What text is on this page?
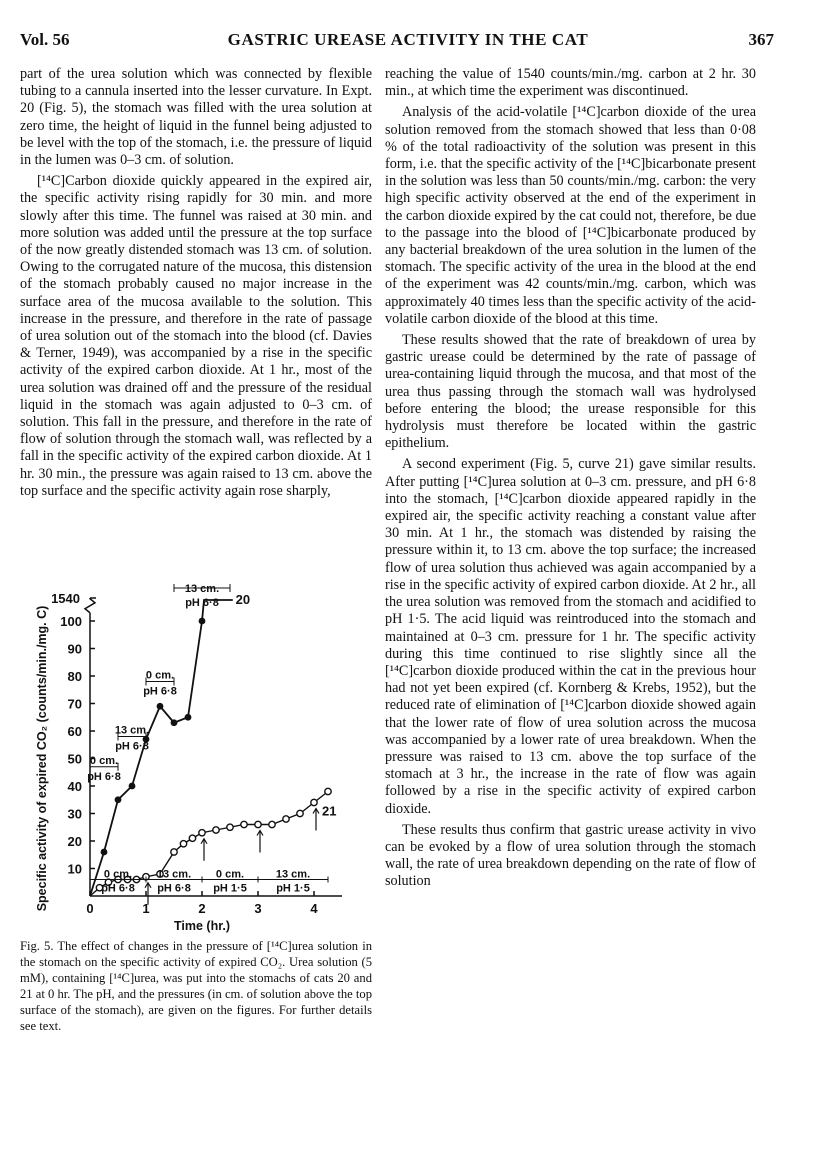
Vol. 56	GASTRIC UREASE ACTIVITY IN THE CAT	367

part of the urea solution which was connected by flexible tubing to a cannula inserted into the lesser curvature. In Expt. 20 (Fig. 5), the stomach was filled with the urea solution at zero time, the height of liquid in the funnel being adjusted to be level with the top of the stomach, i.e. the pressure of liquid in the lumen was 0–3 cm. of solution.

[¹⁴C]Carbon dioxide quickly appeared in the expired air, the specific activity rising rapidly for 30 min. and more slowly after this time. The funnel was raised at 30 min. and more solution was added until the pressure at the top surface of the now greatly distended stomach was 13 cm. of solution. Owing to the corrugated nature of the mucosa, this distension of the stomach probably caused no major increase in the surface area of the mucosa available to the solution. This increase in the pressure, and therefore in the rate of passage of urea solution out of the stomach into the blood (cf. Davies & Terner, 1949), was accompanied by a rise in the specific activity of the expired carbon dioxide. At 1 hr., most of the urea solution was drained off and the pressure of the residual liquid in the stomach was again adjusted to 0–3 cm. of solution. This fall in the pressure, and therefore in the rate of flow of solution through the stomach wall, was reflected by a fall in the specific activity of the expired carbon dioxide. At 1 hr. 30 min., the pressure was again raised to 13 cm. above the top surface and the specific activity again rose sharply,

1540
10
20
30
40
50
60
70
80
90
100
0	1	2	3	4
Time (hr.)
Specific activity of expired CO₂ (counts/min./mg. C)
20
21
0 cm.
pH 6·8
13 cm.
pH 6·8
0 cm.
pH 6·8
13 cm.
pH 6·8
0 cm.
pH 6·8
13 cm.
pH 6·8
0 cm.
pH 1·5
13 cm.
pH 1·5

Fig. 5. The effect of changes in the pressure of [¹⁴C]urea solution in the stomach on the specific activity of expired CO₂. Urea solution (5 mM), containing [¹⁴C]urea, was put into the stomachs of cats 20 and 21 at 0 hr. The pH, and the pressures (in cm. of solution above the top surface of the stomach), are given on the figures. For further details see text.

reaching the value of 1540 counts/min./mg. carbon at 2 hr. 30 min., at which time the experiment was discontinued.

Analysis of the acid-volatile [¹⁴C]carbon dioxide of the urea solution removed from the stomach showed that less than 0·08 % of the total radioactivity of the solution was present in this form, i.e. that the specific activity of the [¹⁴C]bicarbonate present in the solution was less than 50 counts/min./mg. carbon: the very high specific activity observed at the end of the experiment in the carbon dioxide expired by the cat could not, therefore, be due to the passage into the blood of [¹⁴C]bicarbonate produced by any bacterial breakdown of the urea solution in the lumen of the stomach. The specific activity of the urea in the blood at the end of the experiment was 42 counts/min./mg. carbon, which was approximately 40 times less than the specific activity of the acid-volatile carbon dioxide of the blood at this time.

These results showed that the rate of breakdown of urea by gastric urease could be determined by the rate of passage of urea-containing liquid through the mucosa, and that most of the urea thus passing through the stomach wall was hydrolysed before entering the blood; the urease responsible for this hydrolysis must therefore be located within the gastric epithelium.

A second experiment (Fig. 5, curve 21) gave similar results. After putting [¹⁴C]urea solution at 0–3 cm. pressure, and pH 6·8 into the stomach, [¹⁴C]carbon dioxide appeared rapidly in the expired air, the specific activity reaching a constant value after 30 min. At 1 hr., the stomach was distended by raising the pressure within it, to 13 cm. above the top surface; the increased flow of urea solution thus achieved was again accompanied by a rise in the specific activity of expired carbon dioxide. At 2 hr., all the urea solution was removed from the stomach and acidified to pH 1·5. The acid liquid was reintroduced into the stomach and maintained at 0–3 cm. pressure for 1 hr. The specific activity during this time continued to rise slightly since all the [¹⁴C]carbon dioxide produced within the cat in the previous hour had not yet been expired (cf. Kornberg & Krebs, 1952), but the reduced rate of elimination of [¹⁴C]carbon dioxide showed again that the lower rate of flow of urea solution across the mucosa was accompanied by a lower rate of urea breakdown. When the pressure was raised to 13 cm. above the top surface of the stomach at 3 hr., the increase in the rate of flow was again followed by a rise in the specific activity of expired carbon dioxide.

These results thus confirm that gastric urease activity in vivo can be evoked by a flow of urea solution through the stomach wall, the rate of urea breakdown depending on the rate of flow of solution
